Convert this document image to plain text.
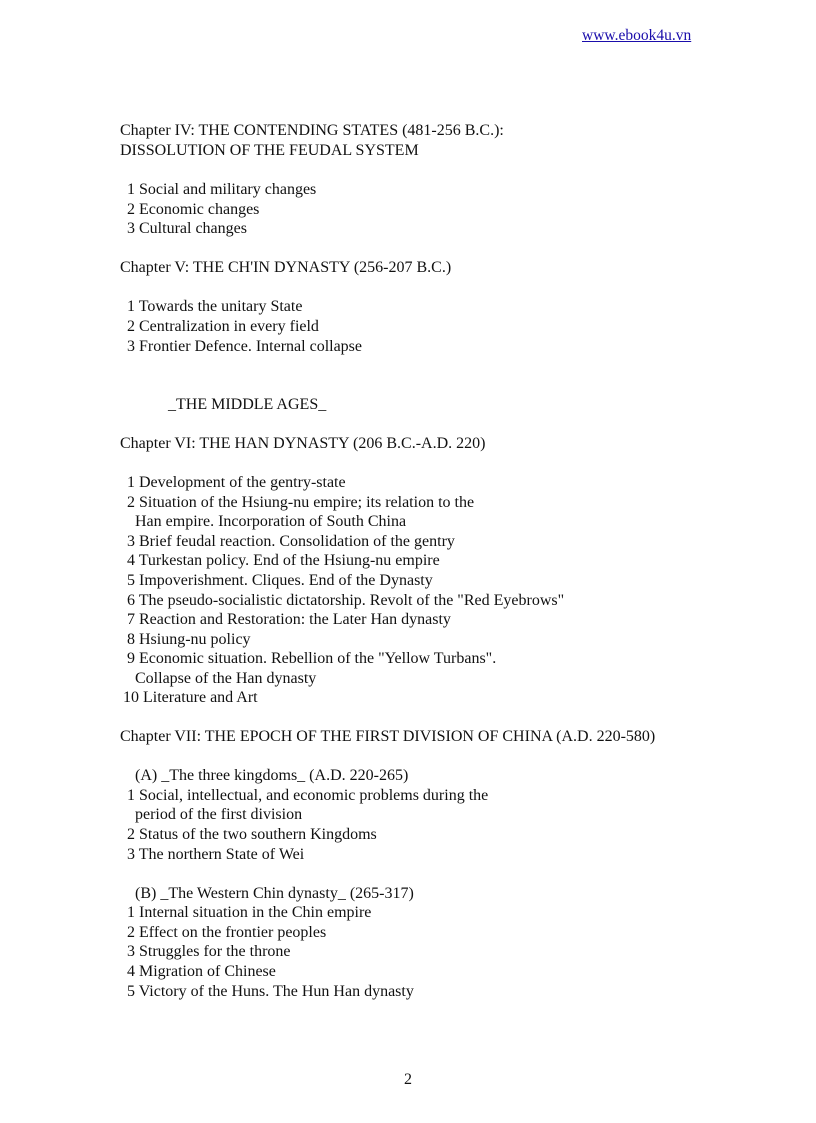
www.ebook4u.vn
Chapter IV: THE CONTENDING STATES (481-256 B.C.):
DISSOLUTION OF THE FEUDAL SYSTEM
1 Social and military changes
2 Economic changes
3 Cultural changes
Chapter V: THE CH'IN DYNASTY (256-207 B.C.)
1 Towards the unitary State
2 Centralization in every field
3 Frontier Defence. Internal collapse
_THE MIDDLE AGES_
Chapter VI: THE HAN DYNASTY (206 B.C.-A.D. 220)
1 Development of the gentry-state
2 Situation of the Hsiung-nu empire; its relation to the
Han empire. Incorporation of South China
3 Brief feudal reaction. Consolidation of the gentry
4 Turkestan policy. End of the Hsiung-nu empire
5 Impoverishment. Cliques. End of the Dynasty
6 The pseudo-socialistic dictatorship. Revolt of the "Red Eyebrows"
7 Reaction and Restoration: the Later Han dynasty
8 Hsiung-nu policy
9 Economic situation. Rebellion of the "Yellow Turbans".
Collapse of the Han dynasty
10 Literature and Art
Chapter VII: THE EPOCH OF THE FIRST DIVISION OF CHINA (A.D. 220-580)
(A) _The three kingdoms_ (A.D. 220-265)
1 Social, intellectual, and economic problems during the
period of the first division
2 Status of the two southern Kingdoms
3 The northern State of Wei
(B) _The Western Chin dynasty_ (265-317)
1 Internal situation in the Chin empire
2 Effect on the frontier peoples
3 Struggles for the throne
4 Migration of Chinese
5 Victory of the Huns. The Hun Han dynasty
2
